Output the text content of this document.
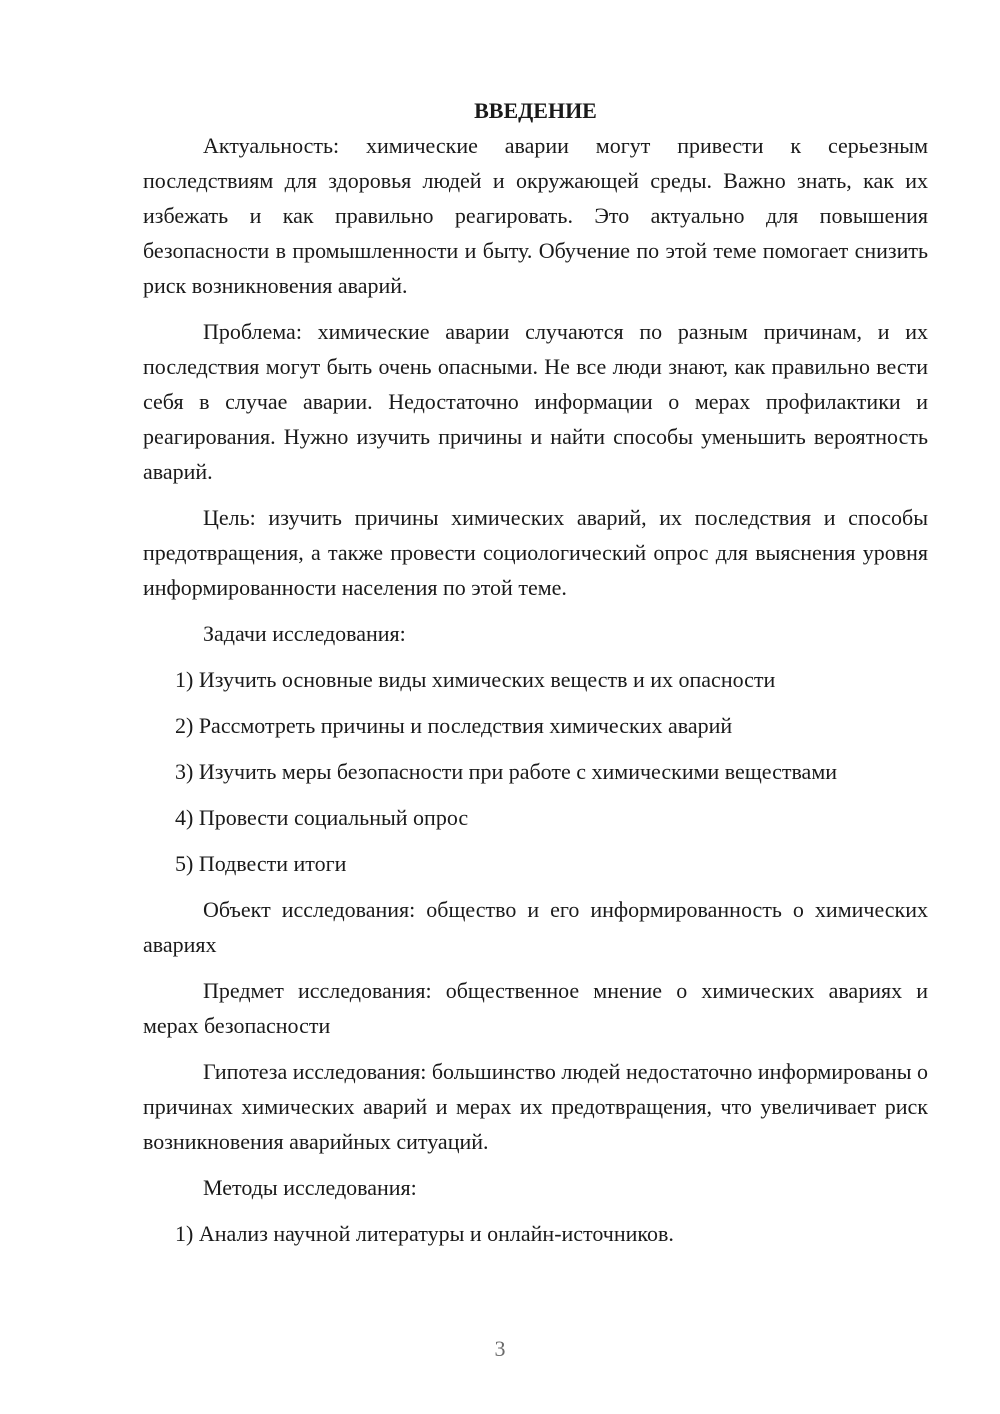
ВВЕДЕНИЕ

Актуальность: химические аварии могут привести к серьезным последствиям для здоровья людей и окружающей среды. Важно знать, как их избежать и как правильно реагировать. Это актуально для повышения безопасности в промышленности и быту. Обучение по этой теме помогает снизить риск возникновения аварий.

Проблема: химические аварии случаются по разным причинам, и их последствия могут быть очень опасными. Не все люди знают, как правильно вести себя в случае аварии. Недостаточно информации о мерах профилактики и реагирования. Нужно изучить причины и найти способы уменьшить вероятность аварий.

Цель: изучить причины химических аварий, их последствия и способы предотвращения, а также провести социологический опрос для выяснения уровня информированности населения по этой теме.

Задачи исследования:

1) Изучить основные виды химических веществ и их опасности

2) Рассмотреть причины и последствия химических аварий

3) Изучить меры безопасности при работе с химическими веществами

4) Провести социальный опрос

5) Подвести итоги

Объект исследования: общество и его информированность о химических авариях

Предмет исследования: общественное мнение о химических авариях и мерах безопасности

Гипотеза исследования: большинство людей недостаточно информированы о причинах химических аварий и мерах их предотвращения, что увеличивает риск возникновения аварийных ситуаций.

Методы исследования:

1) Анализ научной литературы и онлайн-источников.

3
